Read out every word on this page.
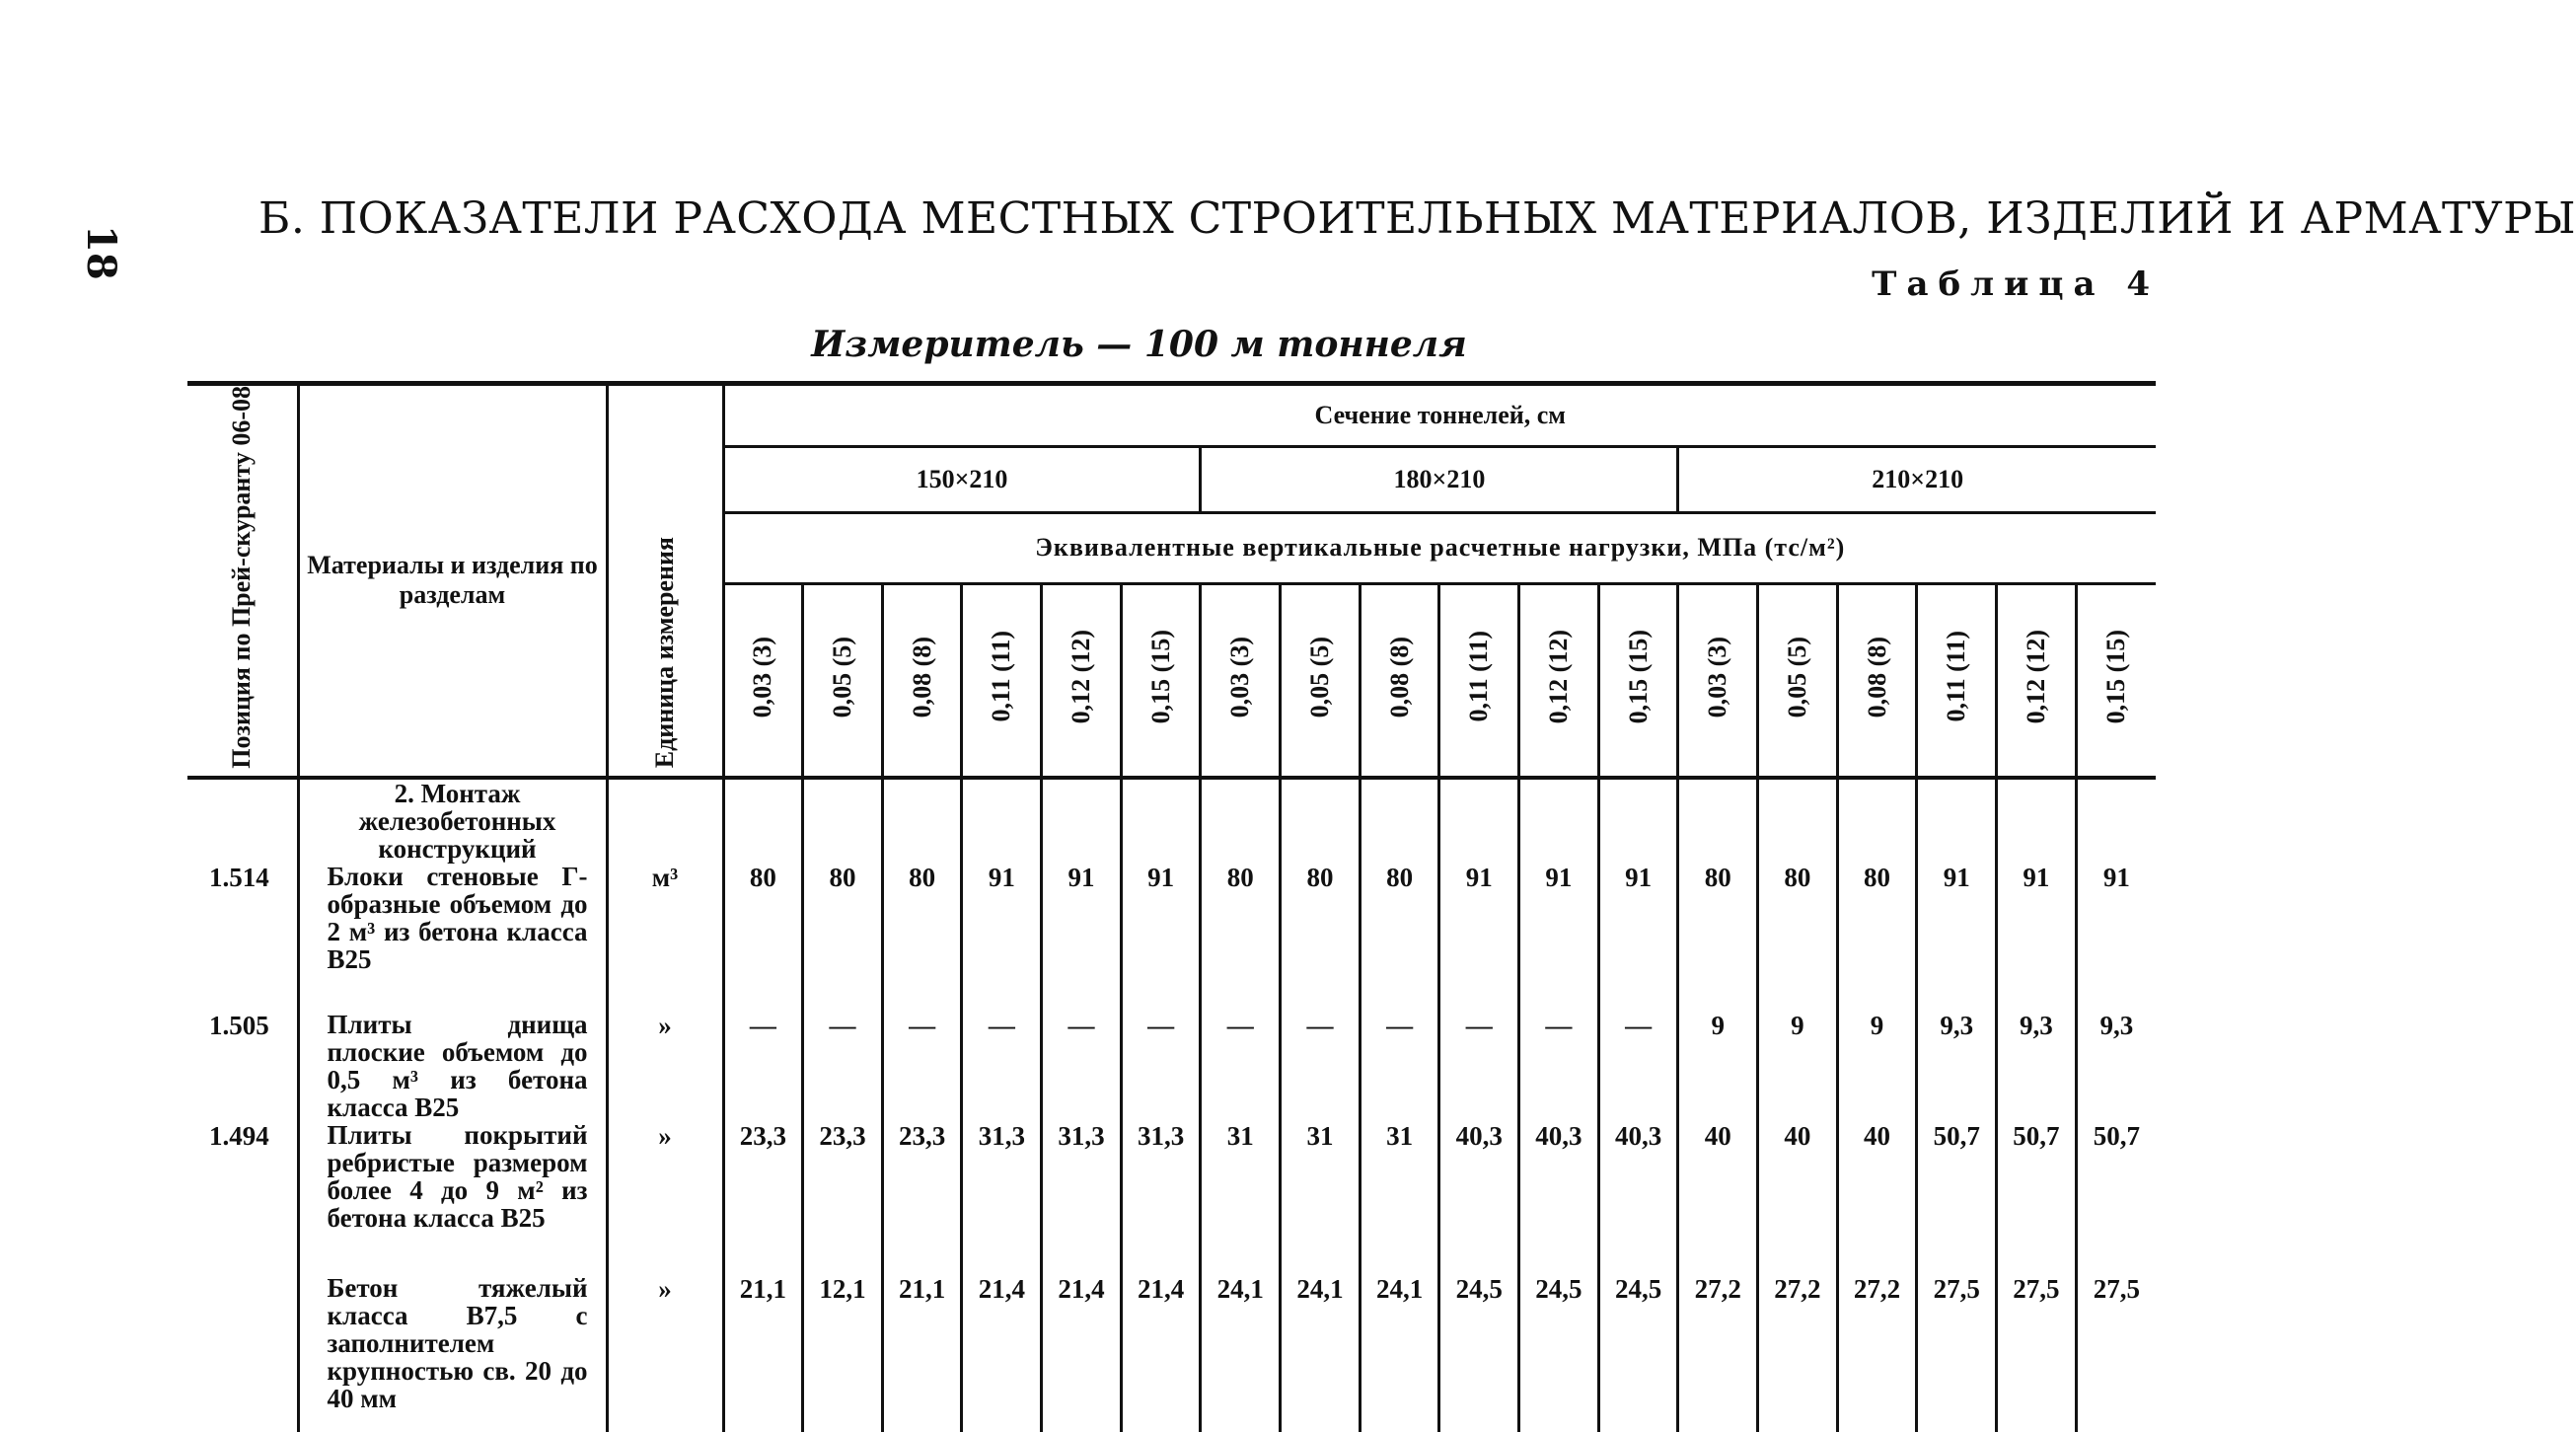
18
Б. ПОКАЗАТЕЛИ РАСХОДА МЕСТНЫХ СТРОИТЕЛЬНЫХ МАТЕРИАЛОВ, ИЗДЕЛИЙ И АРМАТУРЫ
Таблица 4
Измеритель — 100 м тоннеля
Позиция по Прей-скуранту 06-08	Материалы и изделия по разделам	Единица измерения	Сечение тоннелей, см																	
			150×210						180×210						210×210					
			Эквивалентные вертикальные расчетные нагрузки, МПа (тс/м²)																	
			0,03 (3)	0,05 (5)	0,08 (8)	0,11 (11)	0,12 (12)	0,15 (15)	0,03 (3)	0,05 (5)	0,08 (8)	0,11 (11)	0,12 (12)	0,15 (15)	0,03 (3)	0,05 (5)	0,08 (8)	0,11 (11)	0,12 (12)	0,15 (15)
	2. Монтаж железобетонных конструкций																			
1.514	Блоки стеновые Г-образные объемом до 2 м³ из бетона класса В25	м³	80	80	80	91	91	91	80	80	80	91	91	91	80	80	80	91	91	91
1.505	Плиты днища плоские объемом до 0,5 м³ из бетона класса В25	»	—	—	—	—	—	—	—	—	—	—	—	—	9	9	9	9,3	9,3	9,3
1.494	Плиты покрытий ребристые размером более 4 до 9 м² из бетона класса В25	»	23,3	23,3	23,3	31,3	31,3	31,3	31	31	31	40,3	40,3	40,3	40	40	40	50,7	50,7	50,7
	Бетон тяжелый класса В7,5 с заполнителем крупностью св. 20 до 40 мм	»	21,1	12,1	21,1	21,4	21,4	21,4	24,1	24,1	24,1	24,5	24,5	24,5	27,2	27,2	27,2	27,5	27,5	27,5
